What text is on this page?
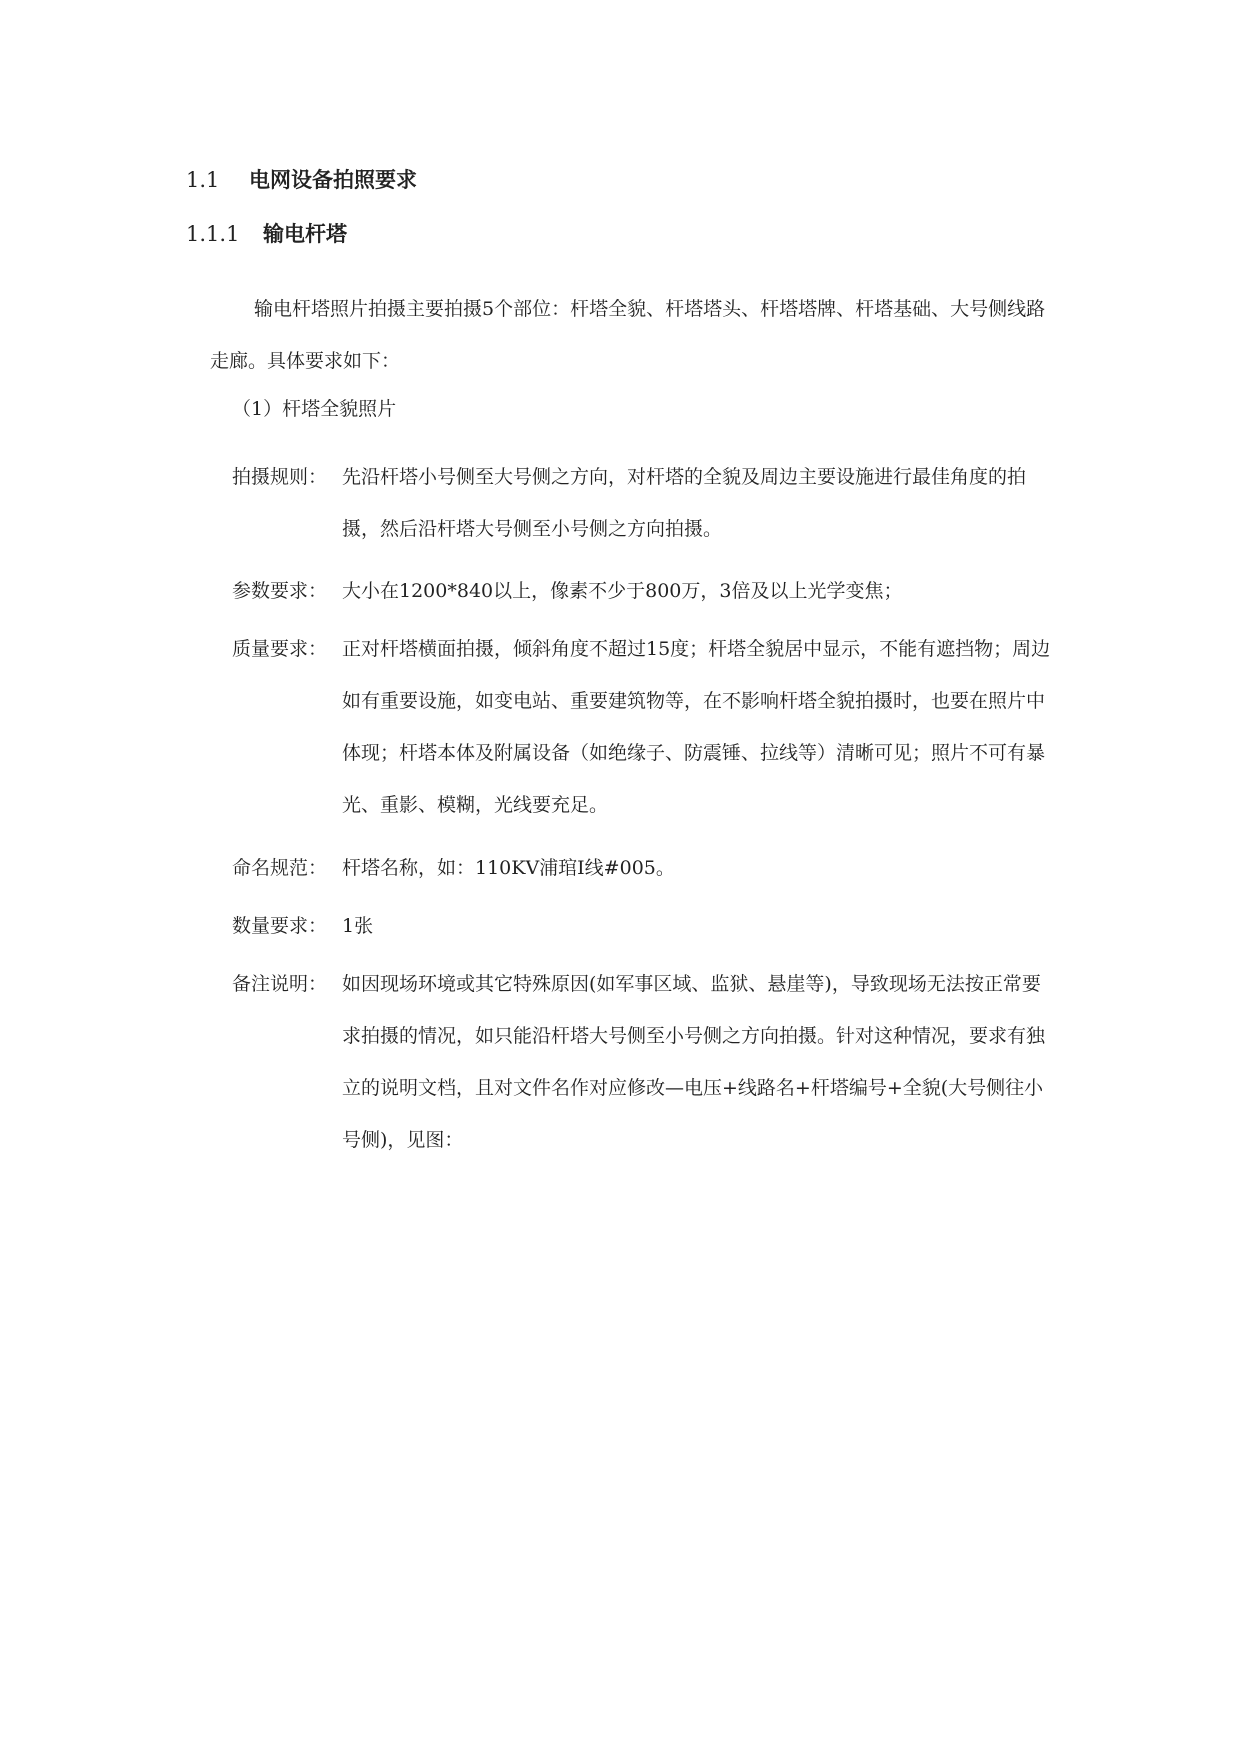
1.1 电网设备拍照要求
1.1.1 输电杆塔
输电杆塔照片拍摄主要拍摄5个部位：杆塔全貌、杆塔塔头、杆塔塔牌、杆塔基础、大号侧线路走廊。具体要求如下：
（1）杆塔全貌照片
拍摄规则： 先沿杆塔小号侧至大号侧之方向，对杆塔的全貌及周边主要设施进行最佳角度的拍摄，然后沿杆塔大号侧至小号侧之方向拍摄。
参数要求： 大小在1200*840以上，像素不少于800万，3倍及以上光学变焦；
质量要求： 正对杆塔横面拍摄，倾斜角度不超过15度；杆塔全貌居中显示，不能有遮挡物；周边如有重要设施，如变电站、重要建筑物等，在不影响杆塔全貌拍摄时，也要在照片中体现；杆塔本体及附属设备（如绝缘子、防震锤、拉线等）清晰可见；照片不可有暴光、重影、模糊，光线要充足。
命名规范： 杆塔名称，如：110KV浦琯I线#005。
数量要求： 1张
备注说明： 如因现场环境或其它特殊原因(如军事区域、监狱、悬崖等)，导致现场无法按正常要求拍摄的情况，如只能沿杆塔大号侧至小号侧之方向拍摄。针对这种情况，要求有独立的说明文档，且对文件名作对应修改—电压+线路名+杆塔编号+全貌(大号侧往小号侧)，见图：
